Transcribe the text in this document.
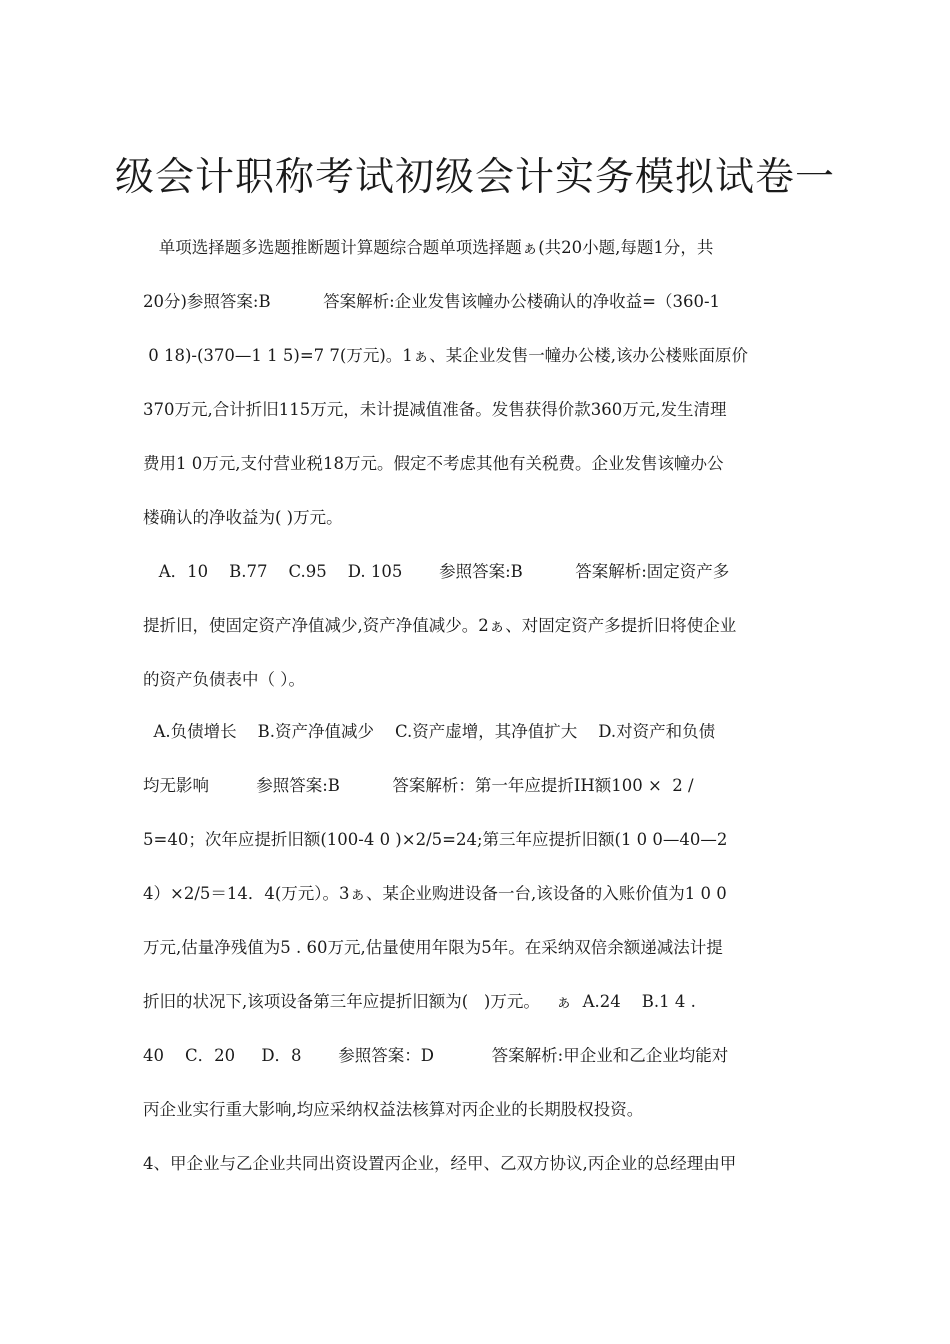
级会计职称考试初级会计实务模拟试卷一
单项选择题多选题推断题计算题综合题单项选择题ぁ(共20小题,每题1分，共
20分)参照答案:B          答案解析:企业发售该幢办公楼确认的净收益=（360-1
0 18)-(370—1 1 5)=7 7(万元)。1ぁ、某企业发售一幢办公楼,该办公楼账面原价
370万元,合计折旧115万元，未计提减值准备。发售获得价款360万元,发生清理
费用1 0万元,支付营业税18万元。假定不考虑其他有关税费。企业发售该幢办公
楼确认的净收益为( )万元。
A．10    B.77    C.95    D. 105       参照答案:B          答案解析:固定资产多
提折旧，使固定资产净值减少,资产净值减少。2ぁ、对固定资产多提折旧将使企业
的资产负债表中（ ）。
A.负债增长    B.资产净值减少    C.资产虚增，其净值扩大    D.对资产和负债
均无影响         参照答案:B          答案解析：第一年应提折IH额100 ×  2 /
5=40；次年应提折旧额(100-4 0 )×2/5=24;第三年应提折旧额(1 0 0—40—2
4）×2/5＝14．4(万元）。3ぁ、某企业购进设备一台,该设备的入账价值为1 0 0
万元,估量净残值为5 . 60万元,估量使用年限为5年。在采纳双倍余额递减法计提
折旧的状况下,该项设备第三年应提折旧额为(   )万元。   ぁ  A.24    B.1 4 .
40    C．20     D．8       参照答案：D           答案解析:甲企业和乙企业均能对
丙企业实行重大影响,均应采纳权益法核算对丙企业的长期股权投资。
4、甲企业与乙企业共同出资设置丙企业，经甲、乙双方协议,丙企业的总经理由甲
